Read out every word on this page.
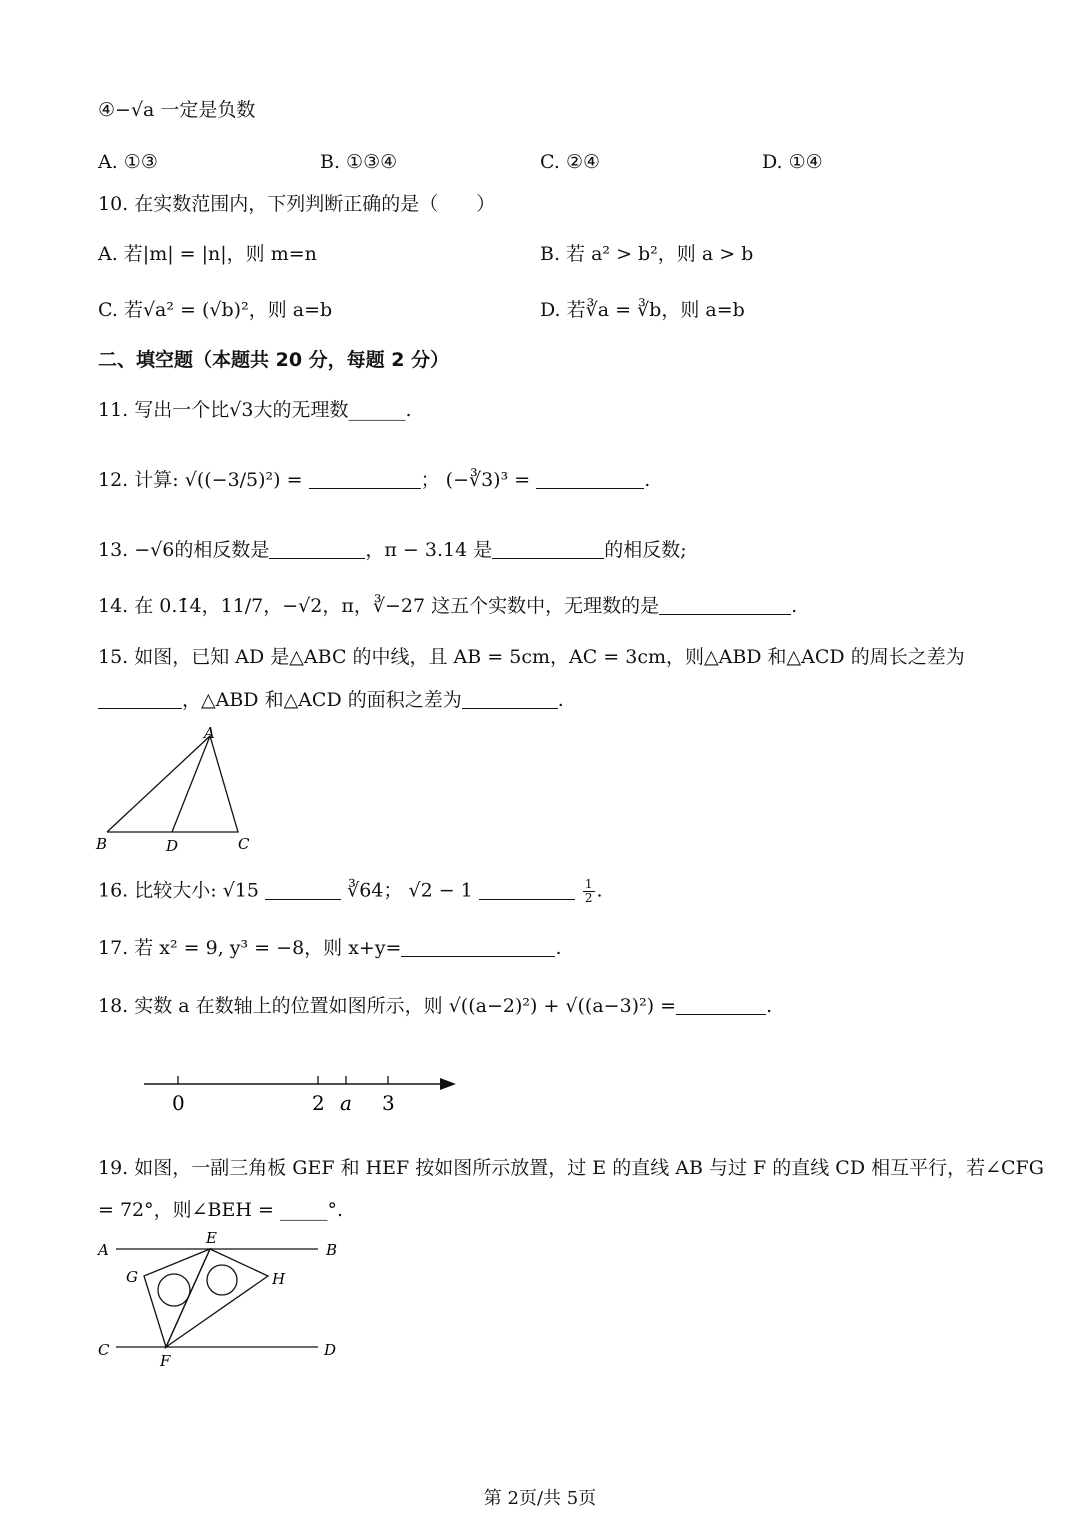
④−√a 一定是负数
A. ①③	B. ①③④	C. ②④	D. ①④
10. 在实数范围内，下列判断正确的是（　　）
A. 若|m| = |n|，则 m=n	B. 若 a² > b²，则 a > b
C. 若√a² = (√b)²，则 a=b	D. 若∛a = ∛b，则 a=b
二、填空题（本题共 20 分，每题 2 分）
11. 写出一个比√3大的无理数______.
12. 计算: √((−3/5)²) =	； (−∛3)³ =	.
13. −√6的相反数是	，π − 3.14 是	的相反数;
14. 在 0.1̇4̇，11/7，−√2，π，∛−27 这五个实数中，无理数的是	.
15. 如图，已知 AD 是△ABC 的中线，且 AB = 5cm，AC = 3cm，则△ABD 和△ACD 的周长之差为
，△ABD 和△ACD 的面积之差为	.
A
B	D	C
16. 比较大小: √15	∛64； √2 − 1	$\frac{1}{2}$ .
17. 若 x² = 9, y³ = −8，则 x+y=	.
18. 实数 a 在数轴上的位置如图所示，则 √((a−2)²) + √((a−3)²) =	.
0	2 a 3
19. 如图，一副三角板 GEF 和 HEF 按如图所示放置，过 E 的直线 AB 与过 F 的直线 CD 相互平行，若∠CFG
= 72°，则∠BEH = _____°.
A
E
B
G	H
C
F
D
第 2页/共 5页
